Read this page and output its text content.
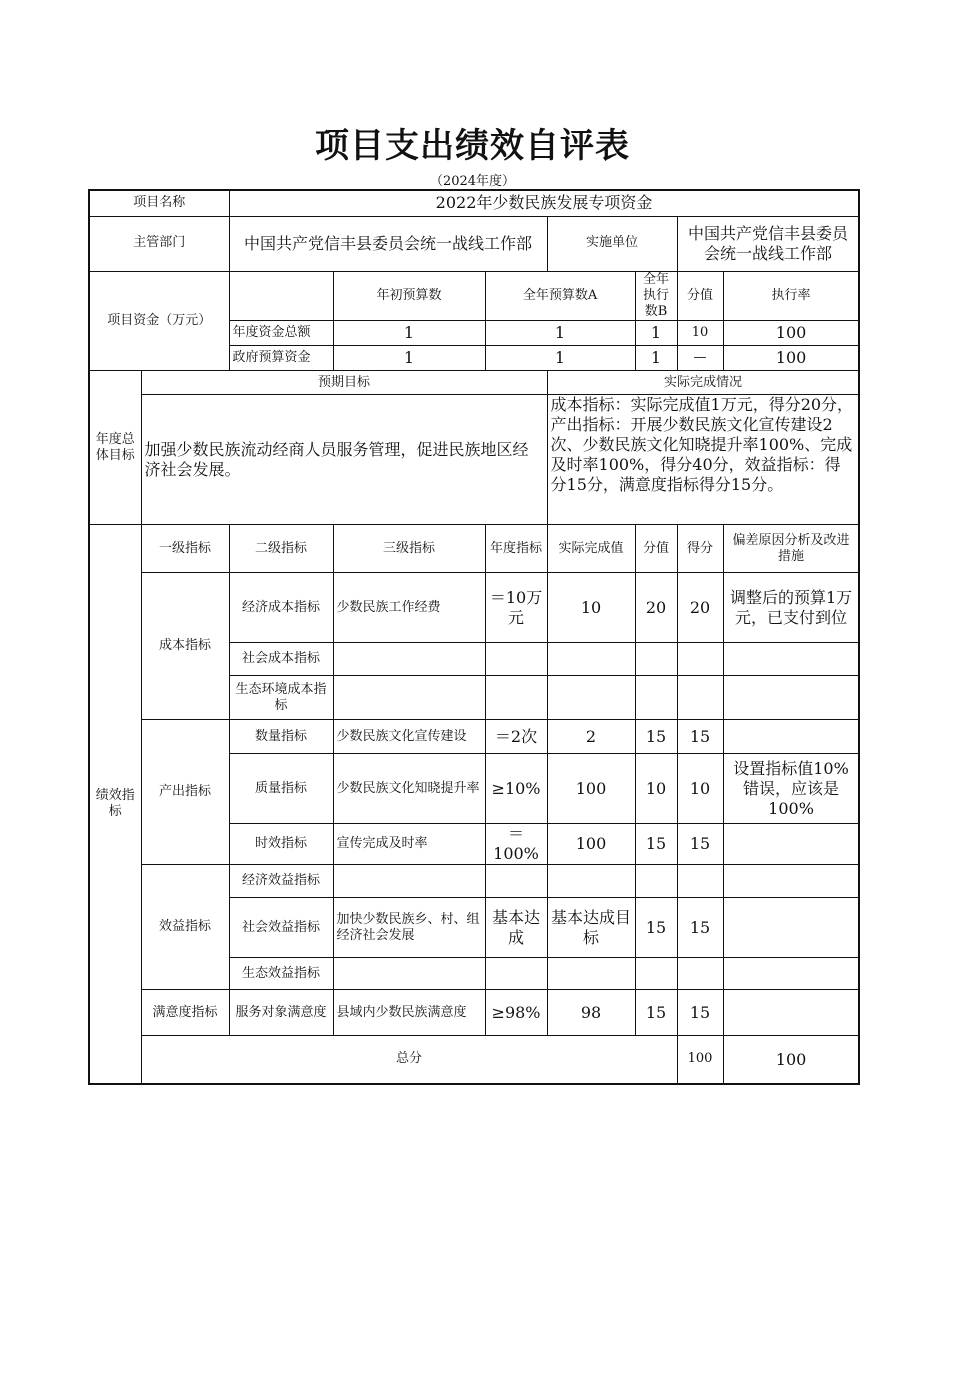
项目支出绩效自评表
（2024年度）
项目名称		2022年少数民族发展专项资金							
主管部门		中国共产党信丰县委员会统一战线工作部			实施单位		中国共产党信丰县委员会统一战线工作部		
项目资金（万元）			年初预算数	全年预算数A		全年执行数B	分值	执行率	
		年度资金总额	1	1		1	10	100	
		政府预算资金	1	1		1	—	100	
年度总体目标	预期目标				实际完成情况				
	加强少数民族流动经商人员服务管理，促进民族地区经济社会发展。				成本指标：实际完成值1万元，得分20分，产出指标：开展少数民族文化宣传建设2次、少数民族文化知晓提升率100%、完成及时率100%，得分40分，效益指标：得分15分，满意度指标得分15分。				
绩效指标	一级指标	二级指标	三级指标	年度指标	实际完成值	分值	得分	偏差原因分析及改进措施	
	成本指标	经济成本指标	少数民族工作经费	＝10万元	10	20	20	调整后的预算1万元，已支付到位	
		社会成本指标							
		生态环境成本指标							
	产出指标	数量指标	少数民族文化宣传建设	＝2次	2	15	15		
		质量指标	少数民族文化知晓提升率	≥10%	100	10	10	设置指标值10%错误，应该是100%	
		时效指标	宣传完成及时率	＝100%	100	15	15		
	效益指标	经济效益指标							
		社会效益指标	加快少数民族乡、村、组经济社会发展	基本达成	基本达成目标	15	15		
		生态效益指标							
	满意度指标	服务对象满意度	县域内少数民族满意度	≥98%	98	15	15		
	总分						100	100	
